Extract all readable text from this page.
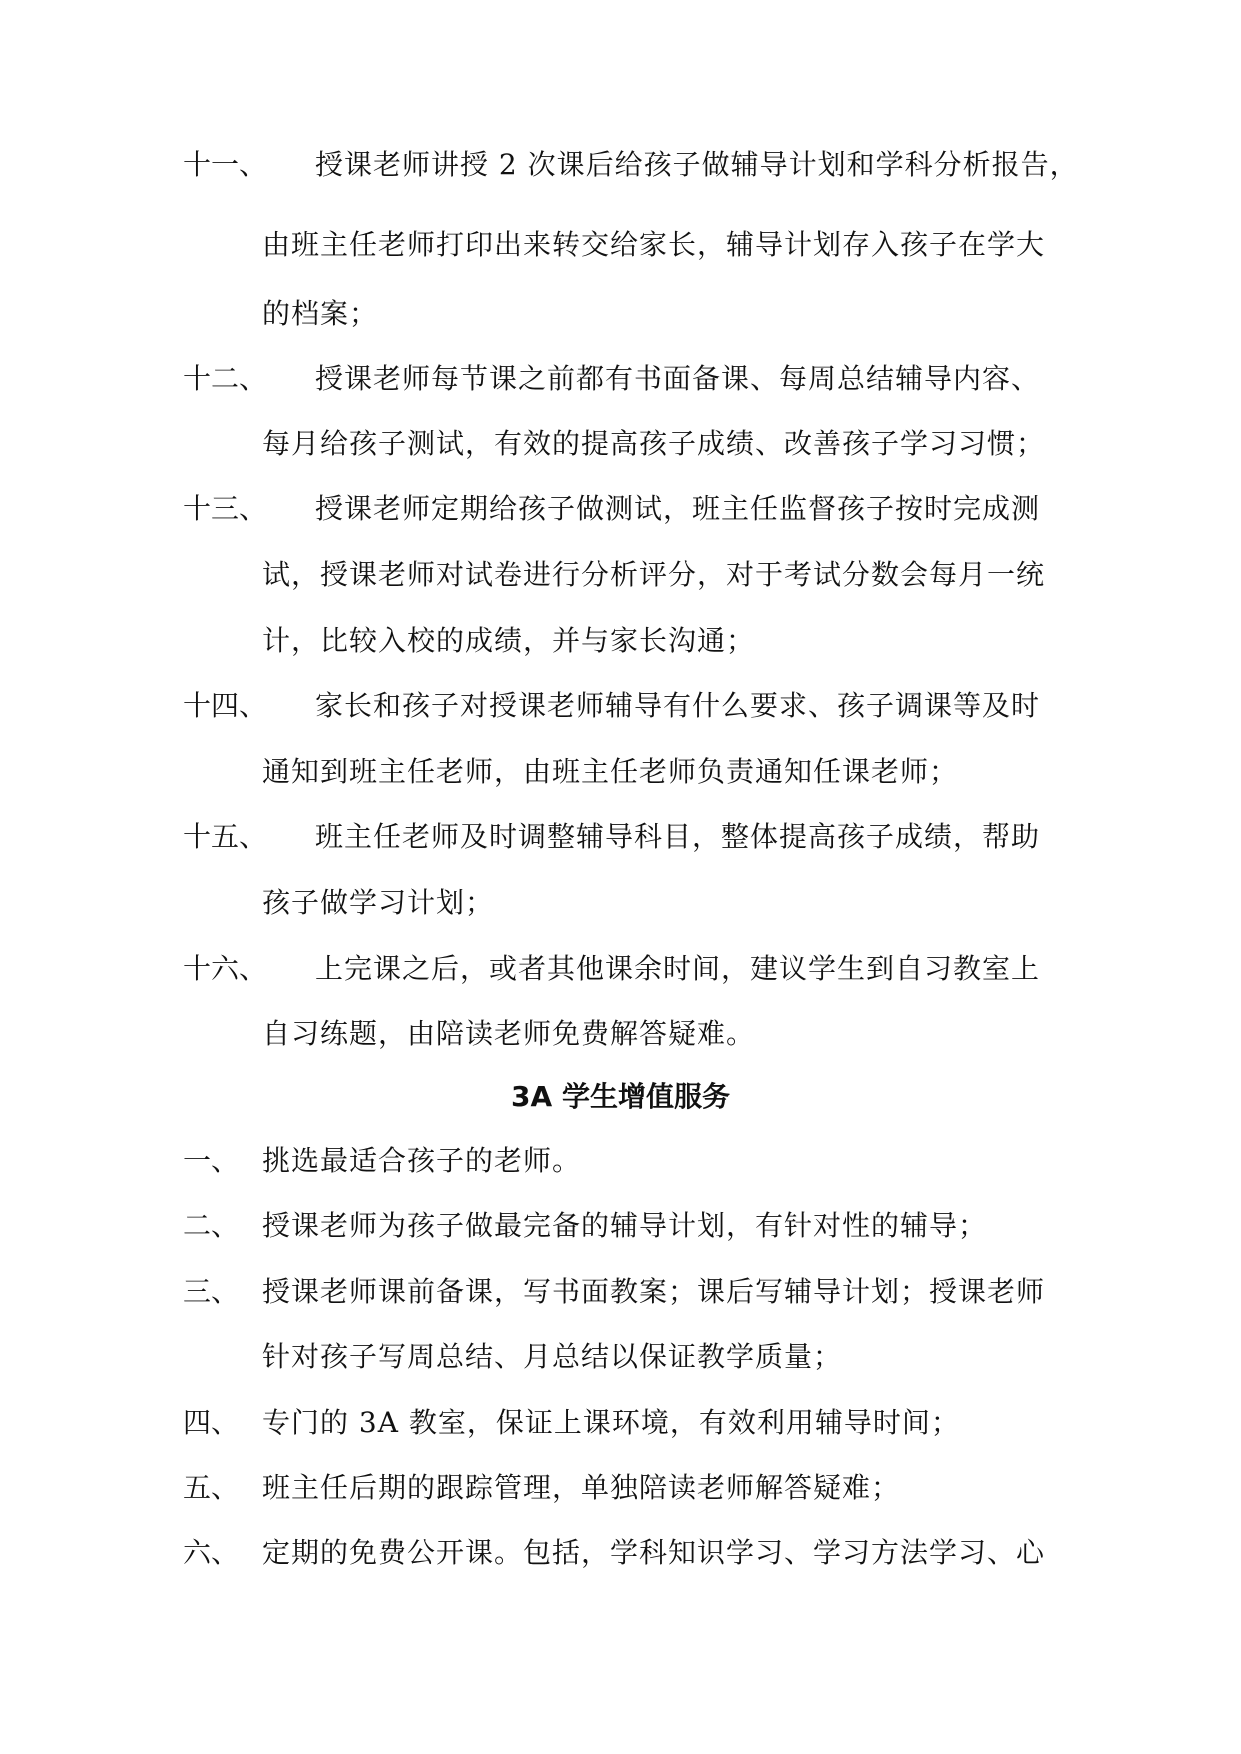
十一、 授课老师讲授 2 次课后给孩子做辅导计划和学科分析报告，
由班主任老师打印出来转交给家长，辅导计划存入孩子在学大
的档案；
十二、 授课老师每节课之前都有书面备课、每周总结辅导内容、
每月给孩子测试，有效的提高孩子成绩、改善孩子学习习惯；
十三、 授课老师定期给孩子做测试，班主任监督孩子按时完成测
试，授课老师对试卷进行分析评分，对于考试分数会每月一统
计，比较入校的成绩，并与家长沟通；
十四、 家长和孩子对授课老师辅导有什么要求、孩子调课等及时
通知到班主任老师，由班主任老师负责通知任课老师；
十五、 班主任老师及时调整辅导科目，整体提高孩子成绩，帮助
孩子做学习计划；
十六、 上完课之后，或者其他课余时间，建议学生到自习教室上
自习练题，由陪读老师免费解答疑难。
3A 学生增值服务
一、 挑选最适合孩子的老师。
二、 授课老师为孩子做最完备的辅导计划，有针对性的辅导；
三、 授课老师课前备课，写书面教案；课后写辅导计划；授课老师
针对孩子写周总结、月总结以保证教学质量；
四、 专门的 3A 教室，保证上课环境，有效利用辅导时间；
五、 班主任后期的跟踪管理，单独陪读老师解答疑难；
六、 定期的免费公开课。包括，学科知识学习、学习方法学习、心
